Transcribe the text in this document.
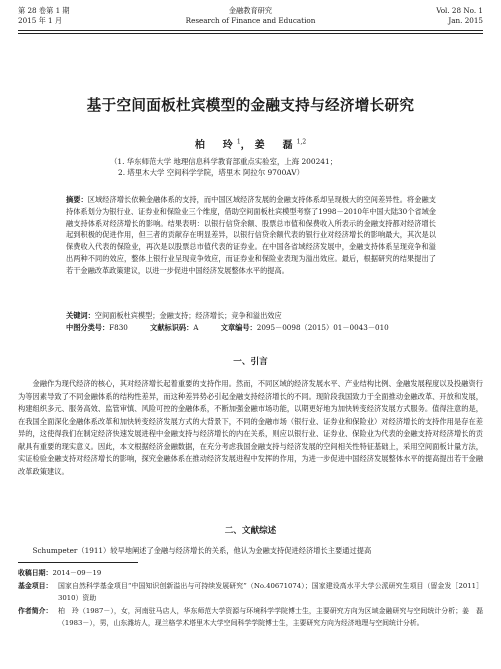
第 28 卷第 1 期
2015 年 1 月
金融教育研究
Research of Finance and Education
Vol. 28 No. 1
Jan. 2015
基于空间面板杜宾模型的金融支持与经济增长研究
柏　玲$^1$，姜　磊$^{1,2}$
（1. 华东师范大学 地理信息科学教育部重点实验室，上海 200241；
2. 塔里木大学 空间科学学院，塔里木 阿拉尔 9700AV）
摘要：区域经济增长依赖金融体系的支持，而中国区域经济发展的金融支持体系却呈现极大的空间差异性。将金融支持体系划分为银行业、证券业和保险业三个维度，借助空间面板杜宾模型考察了1998－2010年中国大陆30个省域金融支持体系对经济增长的影响。结果表明：以银行信贷余额、股票总市值和保费收入所表示的金融支持都对经济增长起到积极的促进作用，但三者的贡献存在明显差异，以银行信贷余额代表的银行业对经济增长的影响最大，其次是以保费收入代表的保险业，再次是以股票总市值代表的证券业。在中国各省域经济发展中，金融支持体系呈现竞争和溢出两种不同的效应，整体上银行业呈现竞争效应，而证券业和保险业表现为溢出效应。最后，根据研究的结果提出了若干金融改革政策建议，以进一步促进中国经济发展整体水平的提高。
关键词：空间面板杜宾模型；金融支持；经济增长；竞争和溢出效应
中图分类号：F830	文献标识码：A	文章编号：2095－0098（2015）01－0043－010
一、引言
金融作为现代经济的核心，其对经济增长起着重要的支持作用。然而，不同区域的经济发展水平、产业结构比例、金融发展程度以及投融资行为等因素导致了不同金融体系的结构性差异，而这种差异势必引起金融支持经济增长的不同。现阶段我国致力于全面推动金融改革、开放和发展，构建组织多元、服务高效、监管审慎、风险可控的金融体系，不断加强金融市场功能，以期更好地为加快转变经济发展方式服务。值得注意的是，在我国全面深化金融体系改革和加快转变经济发展方式的大背景下，不同的金融市场（银行业、证券业和保险业）对经济增长的支持作用是存在差异的，这使得我们在制定经济快速发展进程中金融支持与经济增长的内在关系，则应以银行业、证券业、保险业为代表的金融支持对经济增长的贡献具有重要的现实意义。因此，本文根据经济金融数据，在充分考虑我国金融支持与经济发展的空间相关性特征基础上，采用空间面板计量方法，实证检验金融支持对经济增长的影响，探究金融体系在推动经济发展进程中发挥的作用，为进一步促进中国经济发展整体水平的提高提出若干金融改革政策建议。
二、文献综述
Schumpeter（1911）较早地阐述了金融与经济增长的关系，他认为金融支持促进经济增长主要通过提高
收稿日期：2014－09－19
基金项目： 国家自然科学基金项目“中国知识创新溢出与可持续发展研究”（No.40671074）；国家建设高水平大学公派研究生项目（留金发［2011］3010）资助
作者简介： 柏　玲（1987－），女，河南驻马店人，华东师范大学资源与环境科学学院博士生，主要研究方向为区域金融研究与空间统计分析；姜　磊（1983－），男，山东潍坊人，现兰格学术塔里木大学空间科学学院博士生，主要研究方向为经济地理与空间统计分析。
